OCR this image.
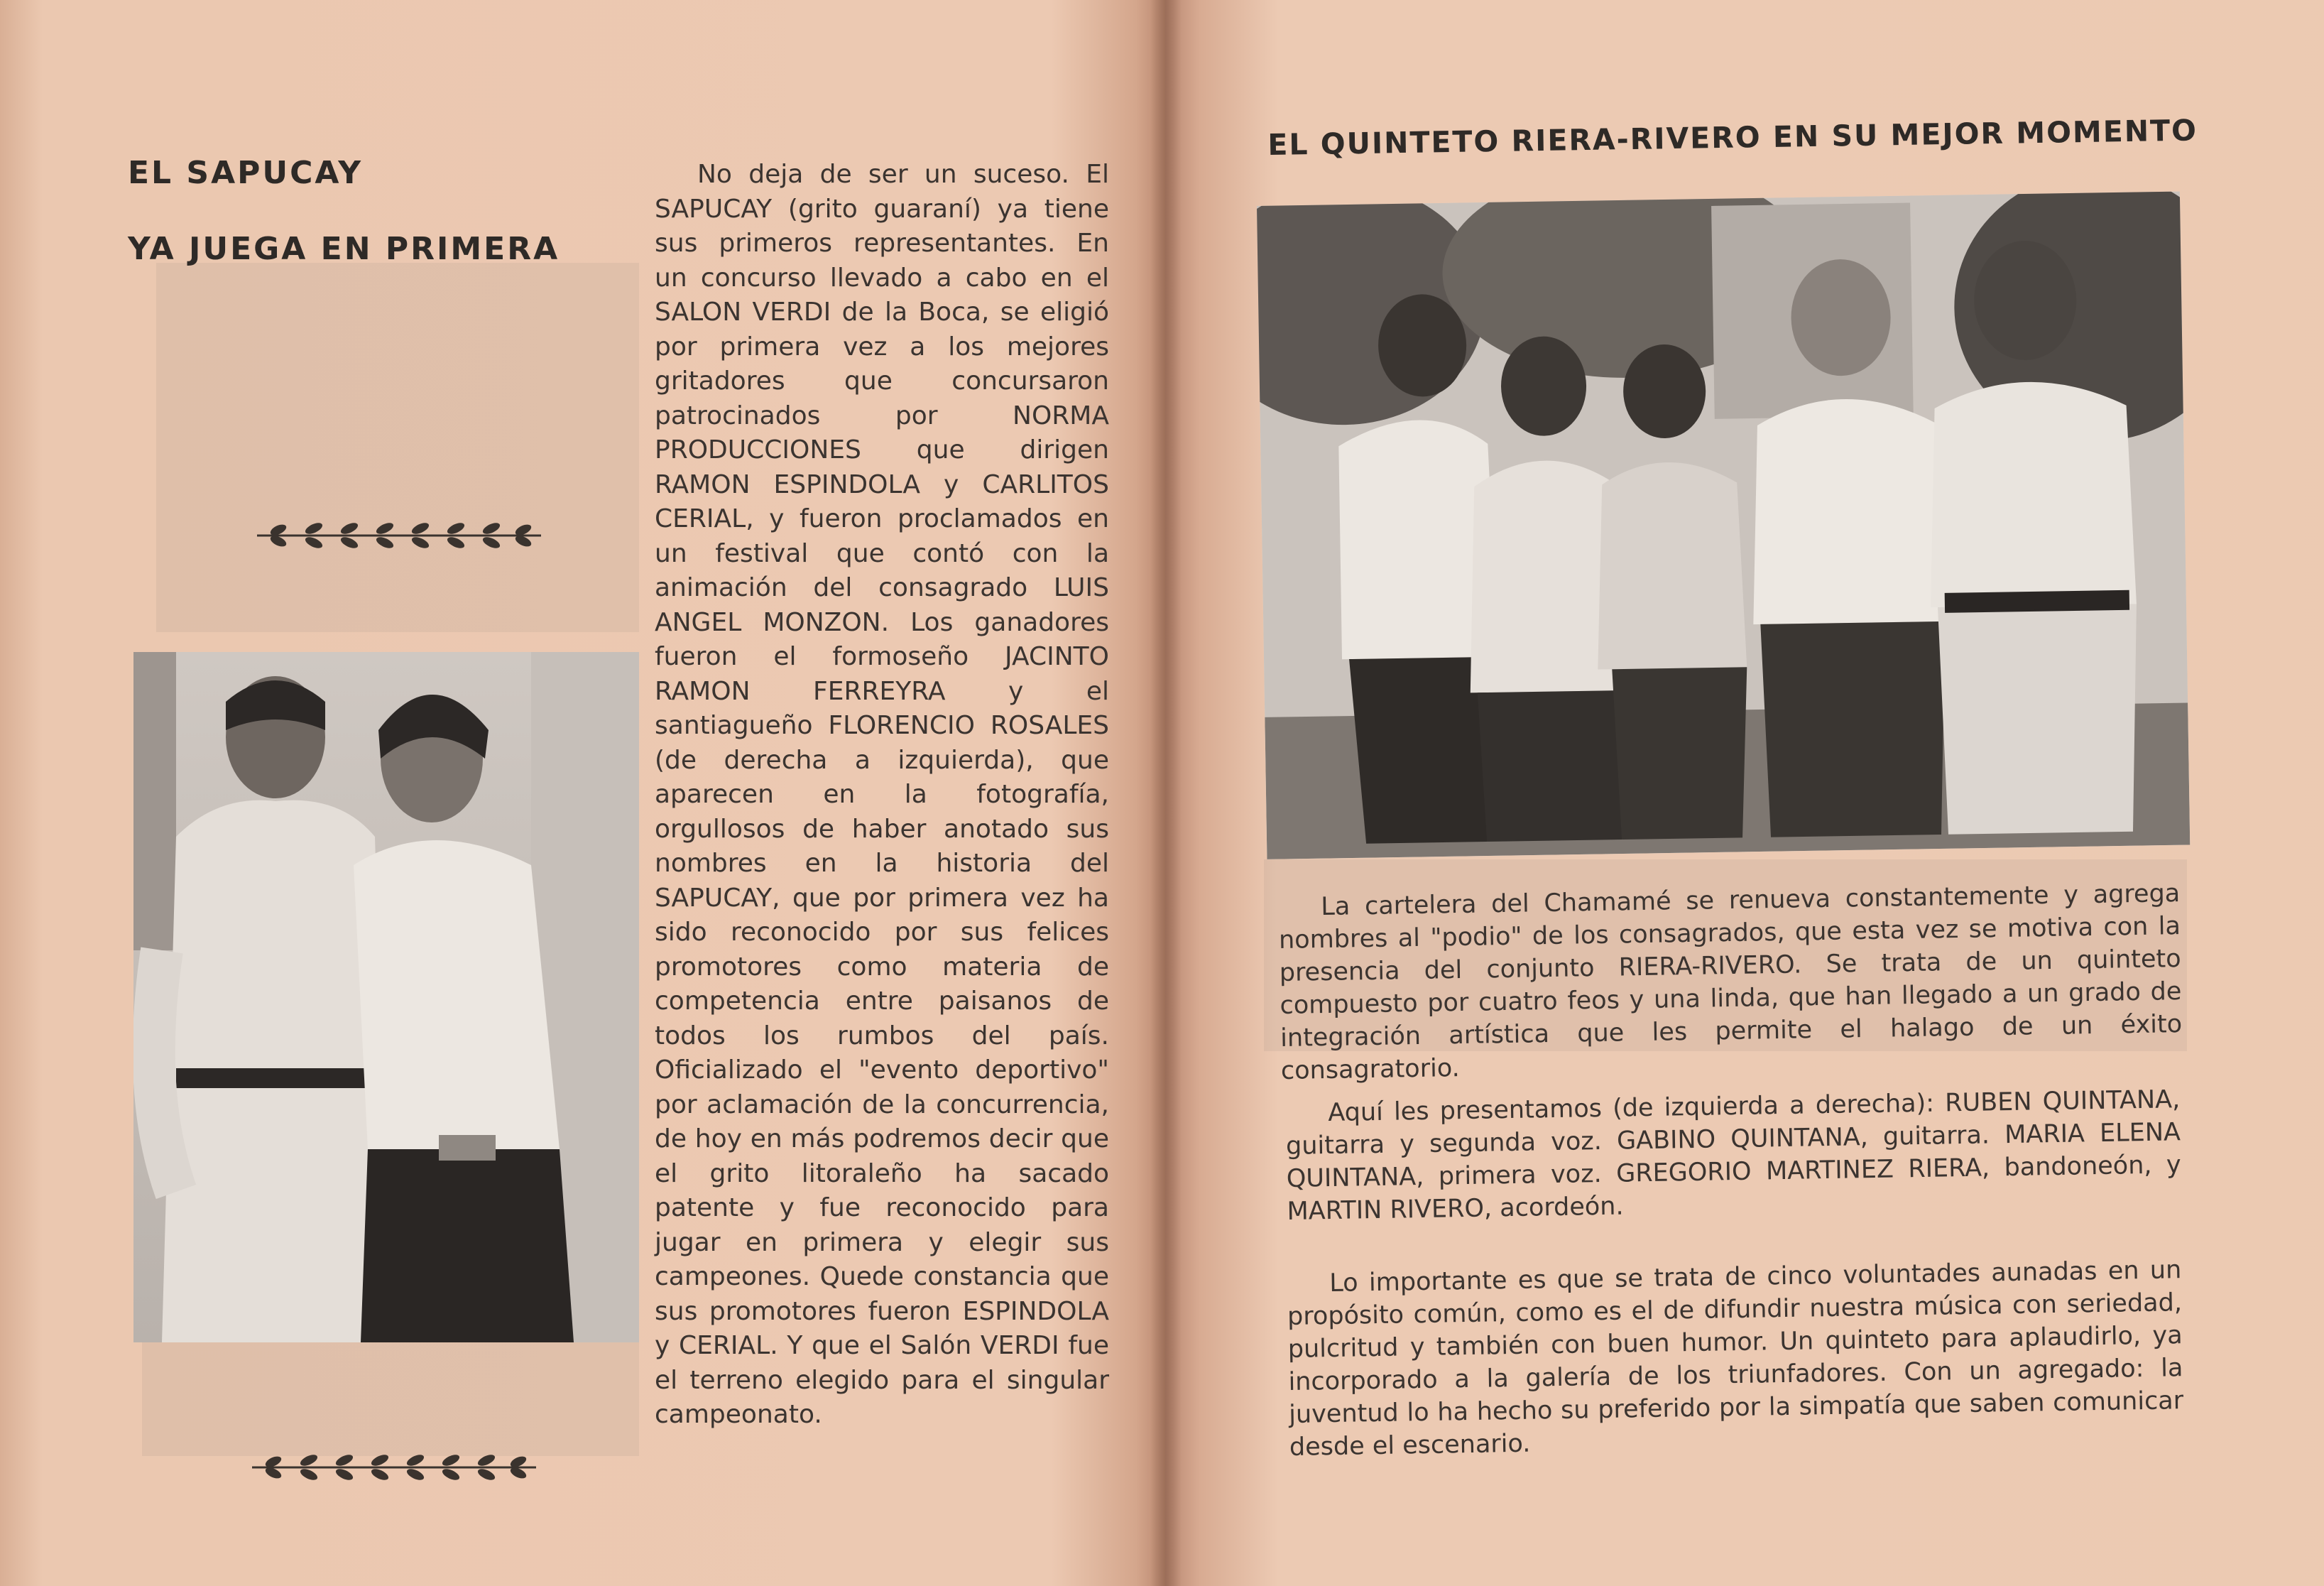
EL SAPUCAY
YA JUEGA EN PRIMERA

No deja de ser un suceso. El SAPUCAY (grito guaraní) ya tiene sus primeros representantes. En un concurso llevado a cabo en el SALON VERDI de la Boca, se eligió por primera vez a los mejores gritadores que concursaron patrocinados por NORMA PRODUCCIONES que dirigen RAMON ESPINDOLA y CARLITOS CERIAL, y fueron proclamados en un festival que contó con la animación del consagrado LUIS ANGEL MONZON. Los ganadores fueron el formoseño JACINTO RAMON FERREYRA y el santiagueño FLORENCIO ROSALES (de derecha a izquierda), que aparecen en la fotografía, orgullosos de haber anotado sus nombres en la historia del SAPUCAY, que por primera vez ha sido reconocido por sus felices promotores como materia de competencia entre paisanos de todos los rumbos del país. Oficializado el "evento deportivo" por aclamación de la concurrencia, de hoy en más podremos decir que el grito litoraleño ha sacado patente y fue reconocido para jugar en primera y elegir sus campeones. Quede constancia que sus promotores fueron ESPINDOLA y CERIAL. Y que el Salón VERDI fue el terreno elegido para el singular campeonato.

EL QUINTETO RIERA-RIVERO EN SU MEJOR MOMENTO

La cartelera del Chamamé se renueva constantemente y agrega nombres al "podio" de los consagrados, que esta vez se motiva con la presencia del conjunto RIERA-RIVERO. Se trata de un quinteto compuesto por cuatro feos y una linda, que han llegado a un grado de integración artística que les permite el halago de un éxito consagratorio.

Aquí les presentamos (de izquierda a derecha): RUBEN QUINTANA, guitarra y segunda voz. GABINO QUINTANA, guitarra. MARIA ELENA QUINTANA, primera voz. GREGORIO MARTINEZ RIERA, bandoneón, y MARTIN RIVERO, acordeón.

Lo importante es que se trata de cinco voluntades aunadas en un propósito común, como es el de difundir nuestra música con seriedad, pulcritud y también con buen humor. Un quinteto para aplaudirlo, ya incorporado a la galería de los triunfadores. Con un agregado: la juventud lo ha hecho su preferido por la simpatía que saben comunicar desde el escenario.
